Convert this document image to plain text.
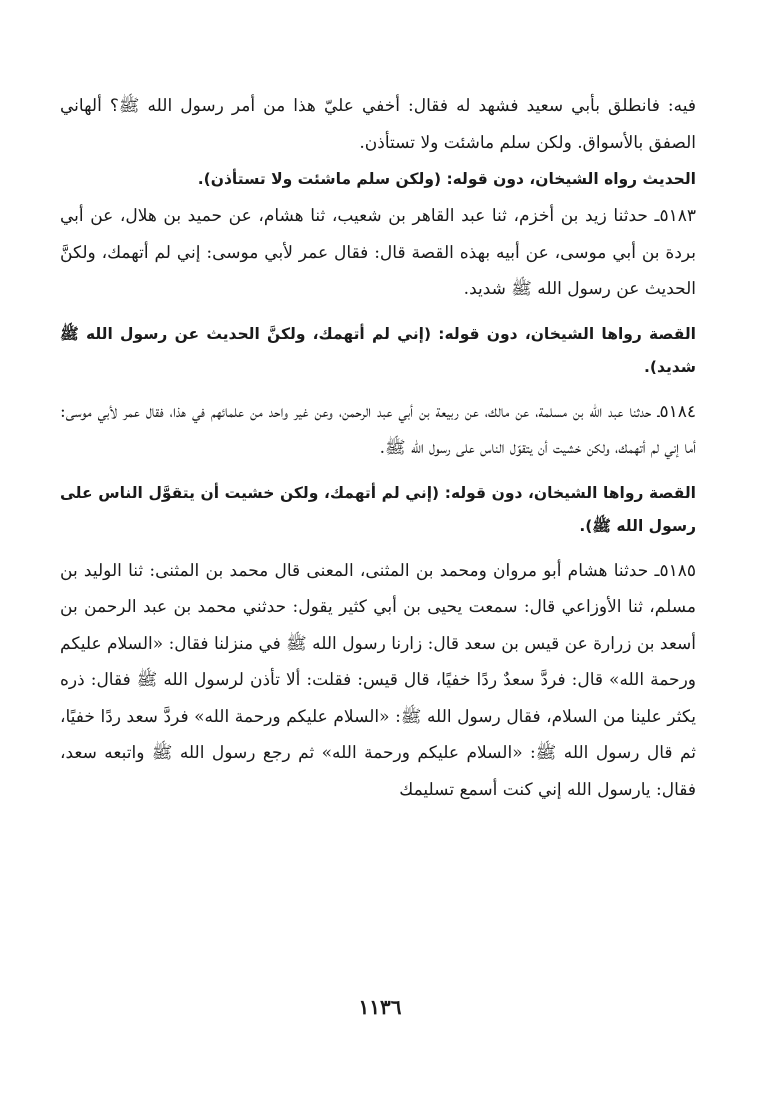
فيه: فانطلق بأبي سعيد فشهد له فقال: أخفي عليّ هذا من أمر رسول الله ﷺ؟ ألهاني الصفق بالأسواق. ولكن سلم ماشئت ولا تستأذن.

الحديث رواه الشيخان، دون قوله: (ولكن سلم ماشئت ولا تستأذن).

٥١٨٣ـ حدثنا زيد بن أخزم، ثنا عبد القاهر بن شعيب، ثنا هشام، عن حميد بن هلال، عن أبي بردة بن أبي موسى، عن أبيه بهذه القصة قال: فقال عمر لأبي موسى: إني لم أتهمك، ولكنَّ الحديث عن رسول الله ﷺ شديد.

القصة رواها الشيخان، دون قوله: (إني لم أتهمك، ولكنَّ الحديث عن رسول الله ﷺ شديد).

٥١٨٤ـ حدثنا عبد الله بن مسلمة، عن مالك، عن ربيعة بن أبي عبد الرحمن، وعن غير واحد من علمائهم في هذا، فقال عمر لأبي موسى: أما إني لم أتهمك، ولكن خشيت أن يتقوّل الناس على رسول الله ﷺ.

القصة رواها الشيخان، دون قوله: (إني لم أتهمك، ولكن خشيت أن يتقوَّل الناس على رسول الله ﷺ).

٥١٨٥ـ حدثنا هشام أبو مروان ومحمد بن المثنى، المعنى قال محمد بن المثنى: ثنا الوليد بن مسلم، ثنا الأوزاعي قال: سمعت يحيى بن أبي كثير يقول: حدثني محمد بن عبد الرحمن بن أسعد بن زرارة عن قيس بن سعد قال: زارنا رسول الله ﷺ في منزلنا فقال: «السلام عليكم ورحمة الله» قال: فردَّ سعدٌ ردًا خفيًا، قال قيس: فقلت: ألا تأذن لرسول الله ﷺ فقال: ذره يكثر علينا من السلام، فقال رسول الله ﷺ: «السلام عليكم ورحمة الله» فردَّ سعد ردًا خفيًا، ثم قال رسول الله ﷺ: «السلام عليكم ورحمة الله» ثم رجع رسول الله ﷺ واتبعه سعد، فقال: يارسول الله إني كنت أسمع تسليمك

١١٣٦
